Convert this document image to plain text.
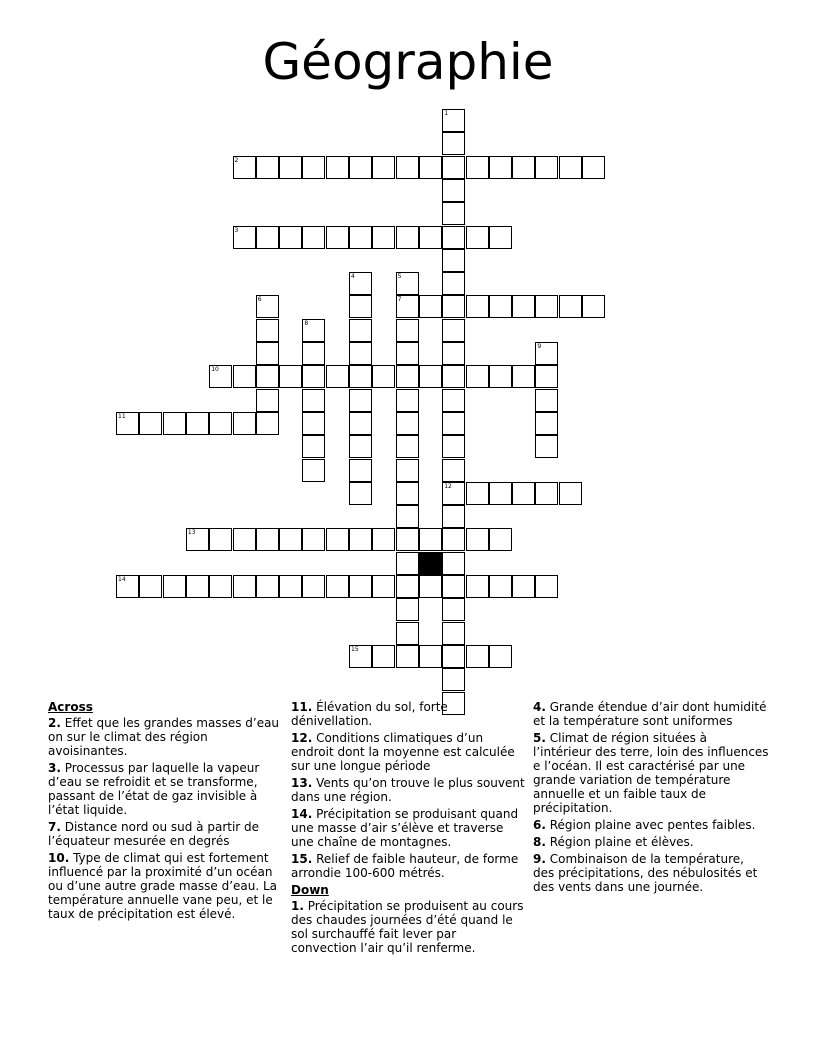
Géographie
1
2
3
4	5
6	7
8
9
10
11
12
13
14
15
Across

2. Effet que les grandes masses d’eau on sur le climat des région avoisinantes.

3. Processus par laquelle la vapeur d’eau se refroidit et se transforme, passant de l’état de gaz invisible à l’état liquide.

7. Distance nord ou sud à partir de l’équateur mesurée en degrés

10. Type de climat qui est fortement influencé par la proximité d’un océan ou d’une autre grade masse d’eau. La température annuelle vane peu, et le taux de précipitation est élevé.

11. Élévation du sol, forte dénivellation.

12. Conditions climatiques d’un endroit dont la moyenne est calculée sur une longue période

13. Vents qu’on trouve le plus souvent dans une région.

14. Précipitation se produisant quand une masse d’air s’élève et traverse une chaîne de montagnes.

15. Relief de faible hauteur, de forme arrondie 100-600 métrés.

Down

1. Précipitation se produisent au cours des chaudes journées d’été quand le sol surchauffé fait lever par convection l’air qu’il renferme.

4. Grande étendue d’air dont humidité et la température sont uniformes

5. Climat de région situées à l’intérieur des terre, loin des influences e l’océan. Il est caractérisé par une grande variation de température annuelle et un faible taux de précipitation.

6. Région plaine avec pentes faibles.

8. Région plaine et élèves.

9. Combinaison de la température, des précipitations, des nébulosités et des vents dans une journée.
